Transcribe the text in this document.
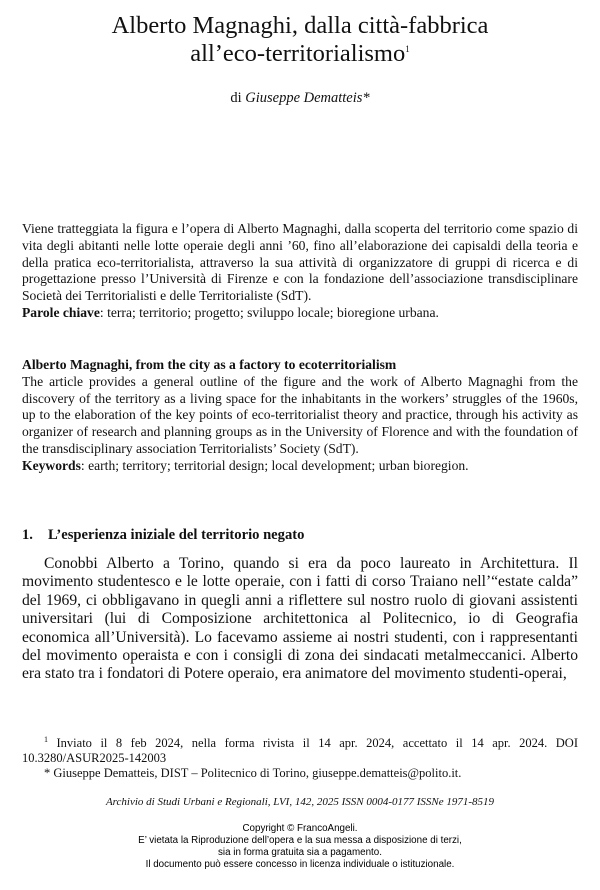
Alberto Magnaghi, dalla città-fabbrica
all’eco-territorialismo$^1$
di Giuseppe Dematteis*

Viene tratteggiata la figura e l’opera di Alberto Magnaghi, dalla scoperta del territorio come spazio di vita degli abitanti nelle lotte operaie degli anni ’60, fino all’elaborazione dei capisaldi della teoria e della pratica eco-territorialista, attraverso la sua attività di organizzatore di gruppi di ricerca e di progettazione presso l’Università di Firenze e con la fondazione dell’associazione transdisciplinare Società dei Territorialisti e delle Territorialiste (SdT).

Parole chiave: terra; territorio; progetto; sviluppo locale; bioregione urbana.

Alberto Magnaghi, from the city as a factory to ecoterritorialism

The article provides a general outline of the figure and the work of Alberto Magnaghi from the discovery of the territory as a living space for the inhabitants in the workers’ struggles of the 1960s, up to the elaboration of the key points of eco-territorialist theory and practice, through his activity as organizer of research and planning groups as in the University of Florence and with the foundation of the transdisciplinary association Territorialists’ Society (SdT).

Keywords: earth; territory; territorial design; local development; urban bioregion.

1. L’esperienza iniziale del territorio negato
Conobbi Alberto a Torino, quando si era da poco laureato in Architettura. Il movimento studentesco e le lotte operaie, con i fatti di corso Traiano nell’“estate calda” del 1969, ci obbligavano in quegli anni a riflettere sul nostro ruolo di giovani assistenti universitari (lui di Composizione architettonica al Politecnico, io di Geografia economica all’Università). Lo facevamo assieme ai nostri studenti, con i rappresentanti del movimento operaista e con i consigli di zona dei sindacati metalmeccanici. Alberto era stato tra i fondatori di Potere operaio, era animatore del movimento studenti-operai,

$^1$ Inviato il 8 feb 2024, nella forma rivista il 14 apr. 2024, accettato il 14 apr. 2024. DOI 10.3280/ASUR2025-142003

* Giuseppe Dematteis, DIST – Politecnico di Torino, giuseppe.dematteis@polito.it.

Archivio di Studi Urbani e Regionali, LVI, 142, 2025 ISSN 0004-0177 ISSNe 1971-8519
Copyright © FrancoAngeli.
E’ vietata la Riproduzione dell’opera e la sua messa a disposizione di terzi,
sia in forma gratuita sia a pagamento.
Il documento può essere concesso in licenza individuale o istituzionale.
